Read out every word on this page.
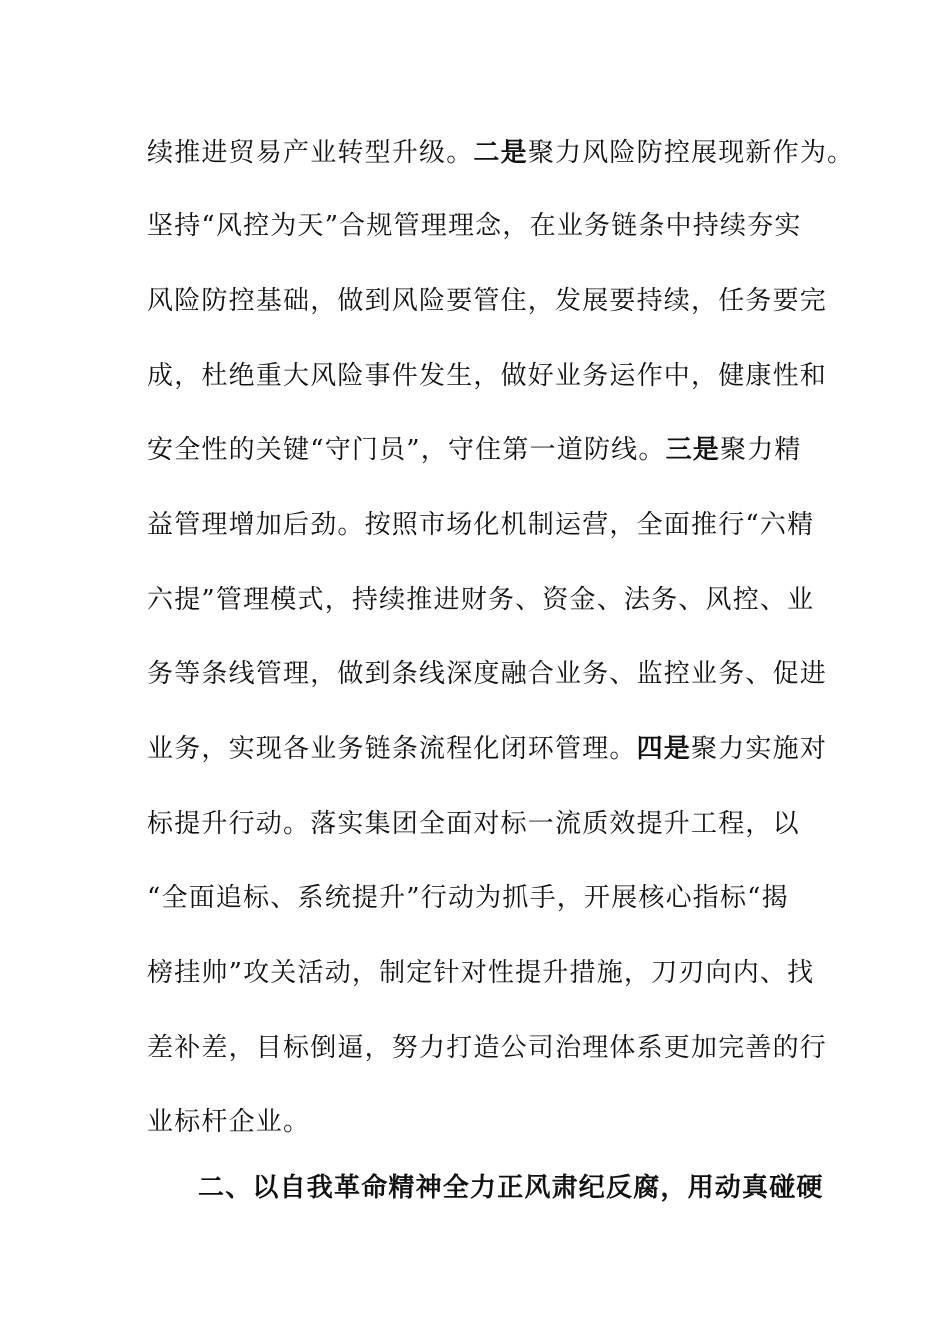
续推进贸易产业转型升级。二是聚力风险防控展现新作为。
坚持“风控为天”合规管理理念，在业务链条中持续夯实
风险防控基础，做到风险要管住，发展要持续，任务要完
成，杜绝重大风险事件发生，做好业务运作中，健康性和
安全性的关键“守门员”，守住第一道防线。三是聚力精
益管理增加后劲。按照市场化机制运营，全面推行“六精
六提”管理模式，持续推进财务、资金、法务、风控、业
务等条线管理，做到条线深度融合业务、监控业务、促进
业务，实现各业务链条流程化闭环管理。四是聚力实施对
标提升行动。落实集团全面对标一流质效提升工程，以
“全面追标、系统提升”行动为抓手，开展核心指标“揭
榜挂帅”攻关活动，制定针对性提升措施，刀刃向内、找
差补差，目标倒逼，努力打造公司治理体系更加完善的行
业标杆企业。
二、以自我革命精神全力正风肃纪反腐，用动真碰硬
